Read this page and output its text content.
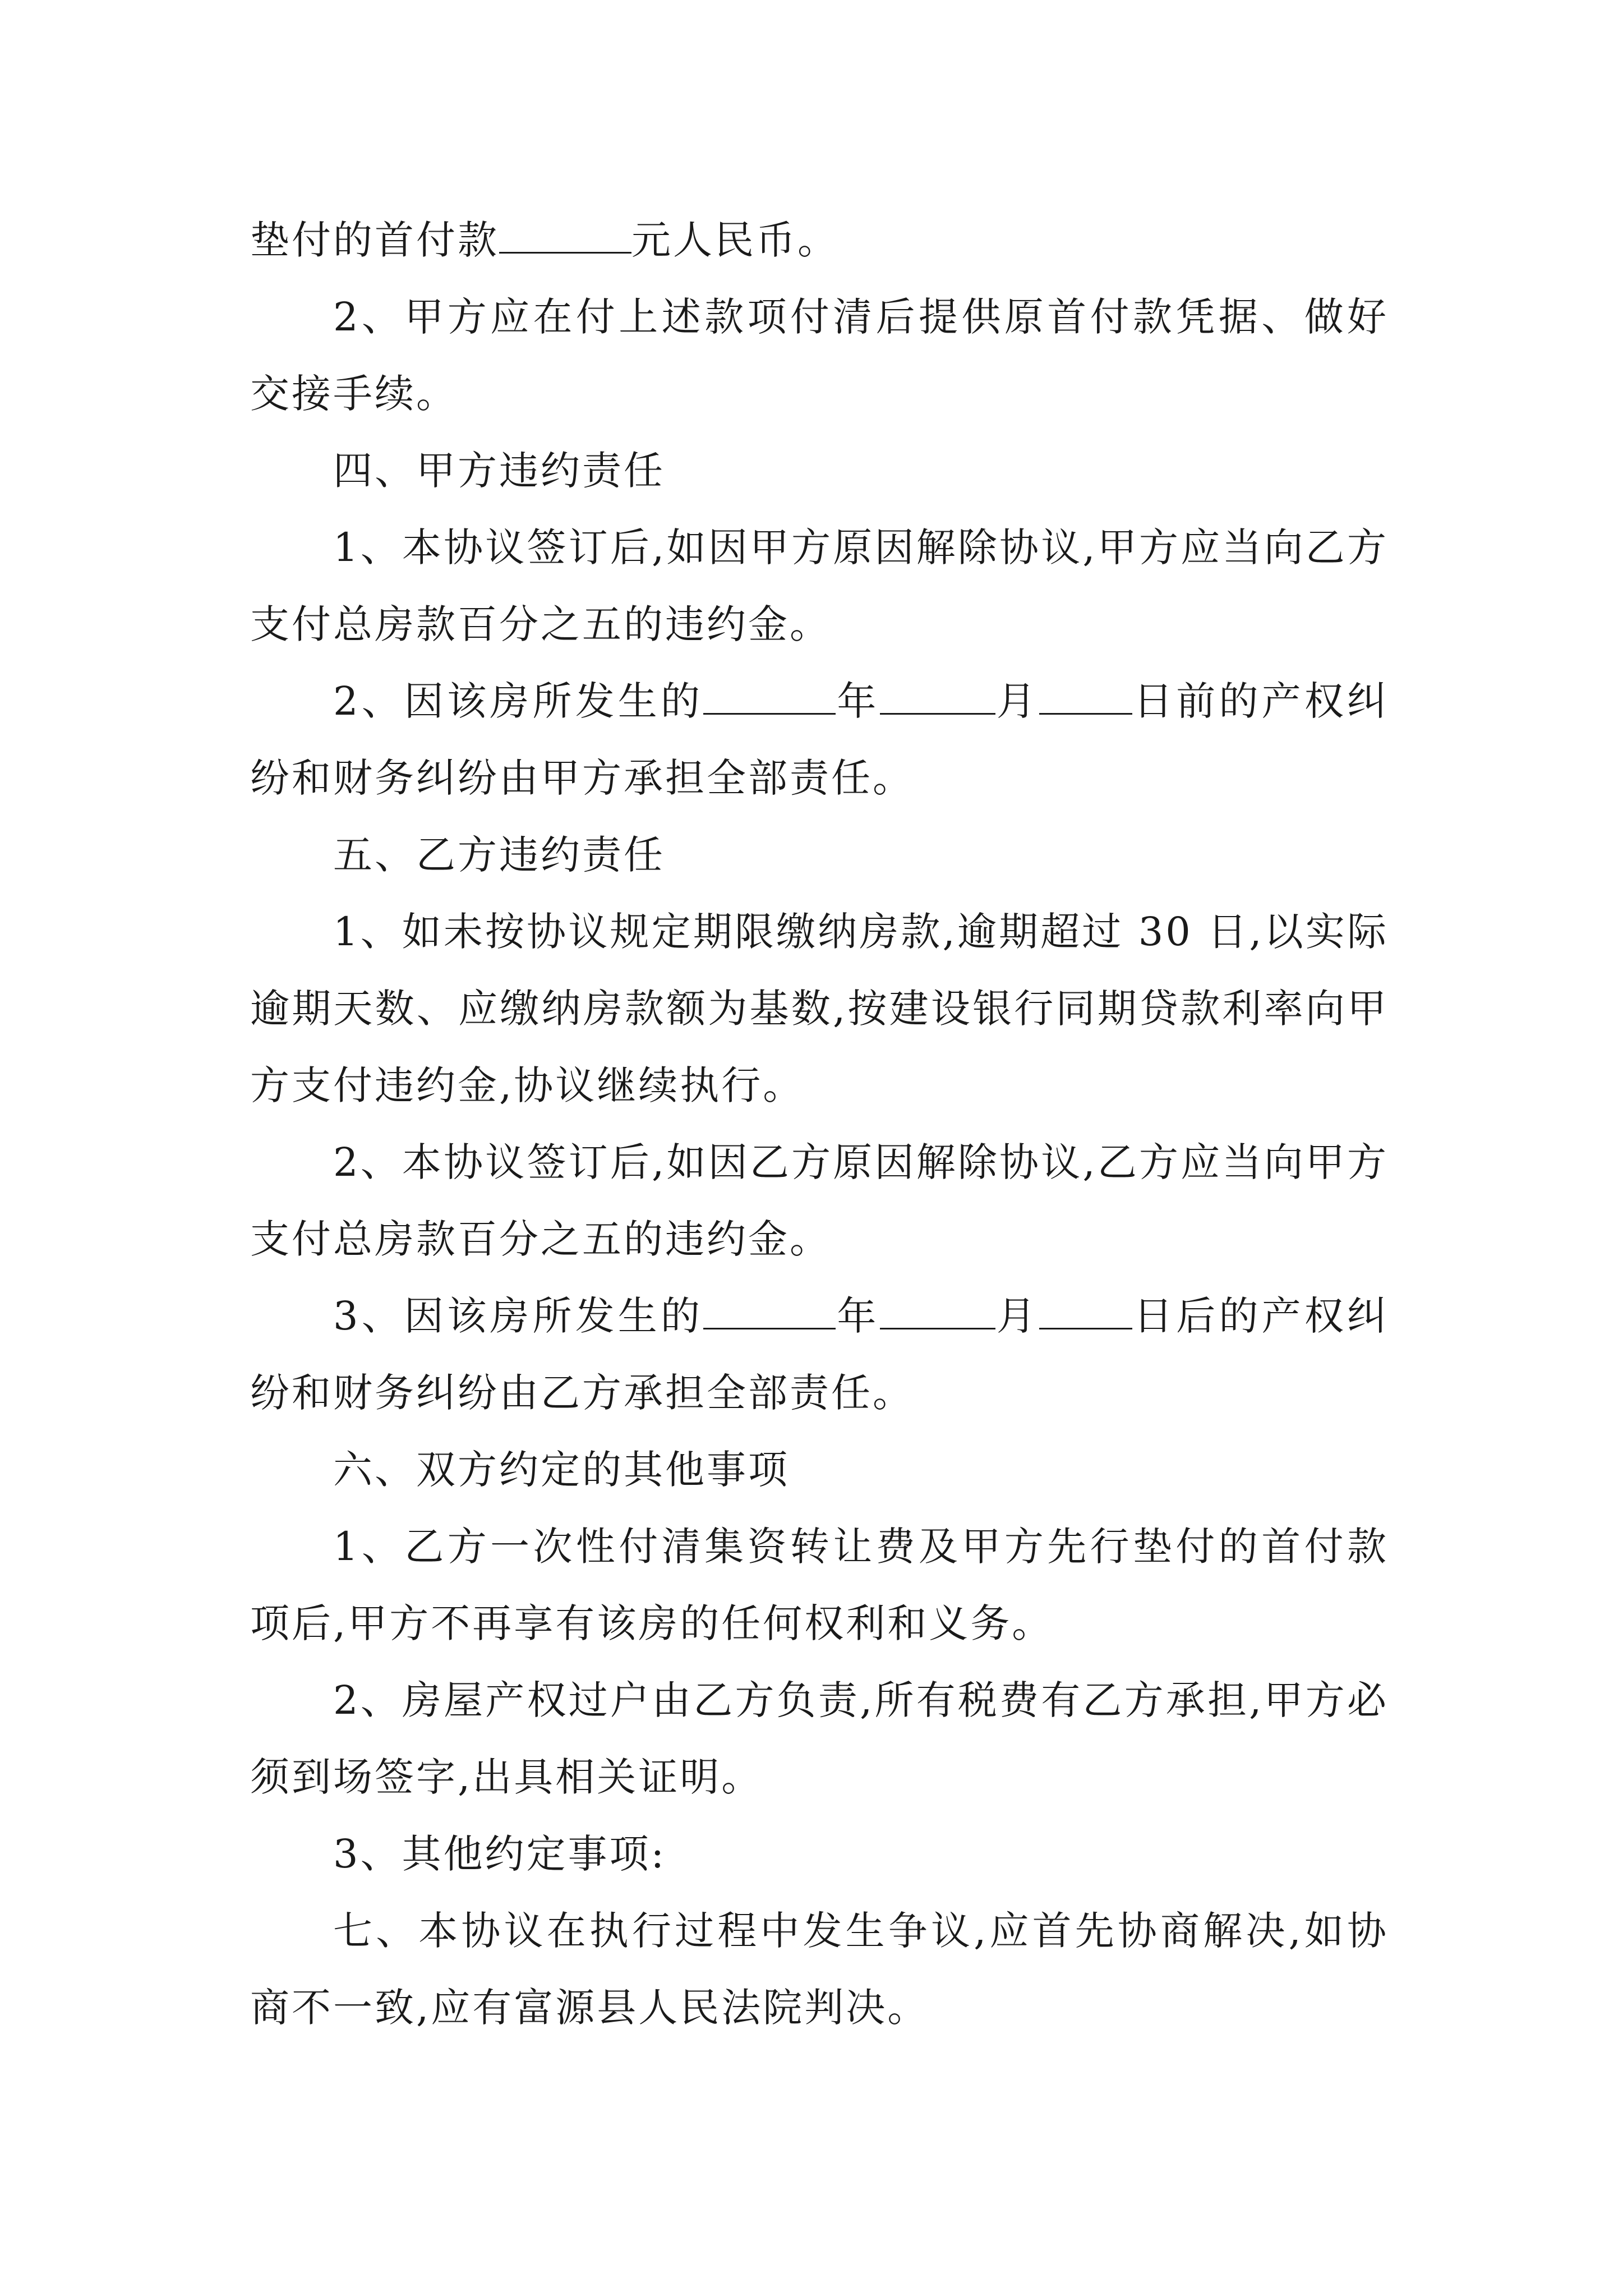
垫付的首付款	元人民币。

2、甲方应在付上述款项付清后提供原首付款凭据、做好交接手续。

四、甲方违约责任

1、本协议签订后,如因甲方原因解除协议,甲方应当向乙方支付总房款百分之五的违约金。

2、因该房所发生的	年	月 日前的产权纠纷和财务纠纷由甲方承担全部责任。

五、乙方违约责任

1、如未按协议规定期限缴纳房款,逾期超过 30 日,以实际逾期天数、应缴纳房款额为基数,按建设银行同期贷款利率向甲方支付违约金,协议继续执行。

2、本协议签订后,如因乙方原因解除协议,乙方应当向甲方支付总房款百分之五的违约金。

3、因该房所发生的	年	月 日后的产权纠纷和财务纠纷由乙方承担全部责任。

六、双方约定的其他事项

1、乙方一次性付清集资转让费及甲方先行垫付的首付款项后,甲方不再享有该房的任何权利和义务。

2、房屋产权过户由乙方负责,所有税费有乙方承担,甲方必须到场签字,出具相关证明。

3、其他约定事项:

七、本协议在执行过程中发生争议,应首先协商解决,如协商不一致,应有富源县人民法院判决。
